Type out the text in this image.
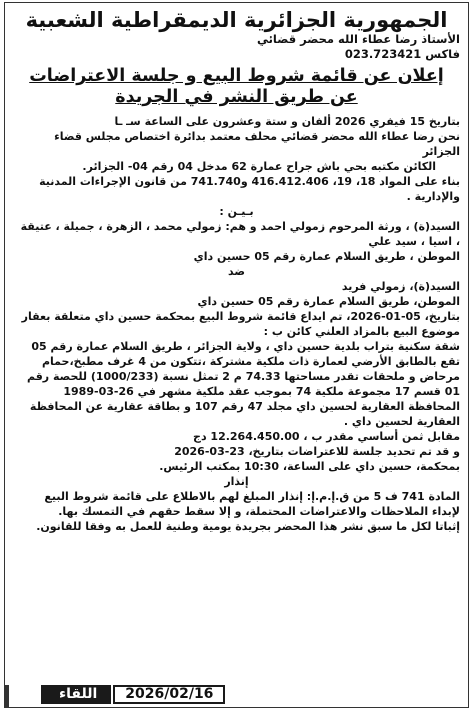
الجمهورية الجزائرية الديمقراطية الشعبية
الأستاذ رضا عطاء الله محضر قضائي
فاكس 023.723421
إعلان عن قائمة شروط البيع و جلسة الاعتراضات
عن طريق النشر في الجريدة

بتاريخ 15 فيفري 2026 ألفان و ستة وعشرون على الساعة سـ ـا

نحن رضا عطاء الله محضر قضائي محلف معتمد بدائرة اختصاص مجلس قضاء الجزائر

الكائن مكتبه بحي باش جراح عمارة 62 مدخل 04 رقم 04- الجزائر.

بناء على المواد 18، 19، 416.412.406 و741.740 من قانون الإجراءات المدنية والإدارية .

بـيـن :

السيد(ة) ، ورثة المرحوم زمولي احمد و هم: زمولي محمد ، الزهرة ، جميلة ، عتيقة ، اسيا ، سيد علي

الموطن ، طريق السلام عمارة رقم 05 حسين داي

ضد

السيد(ة)، زمولي فريد

الموطن، طريق السلام عمارة رقم 05 حسين داي

بتاريخ، 05-01-2026، تم ايداع قائمة شروط البيع بمحكمة حسين داي متعلقة بعقار موضوع البيع بالمزاد العلني كائن ب :

شقة سكنية بتراب بلدية حسين داي ، ولاية الجزائر ، طريق السلام عمارة رقم 05 تقع بالطابق الأرضي لعمارة ذات ملكية مشتركة ،تتكون من 4 غرف مطبخ،حمام مرحاض و ملحقات تقدر مساحتها 74.33 م 2 تمثل نسبة (1000/233) للحصة رقم 01 قسم 17 مجموعة ملكية 74 بموجب عقد ملكية مشهر في 26-03-1989 المحافظة العقارية لحسين داي مجلد 47 رقم 107 و بطاقة عقارية عن المحافظة العقارية لحسين داي .

مقابل ثمن أساسي مقدر ب ، 12.264.450.00 دج

و قد تم تحديد جلسة للاعتراضات بتاريخ، 23-03-2026

بمحكمة، حسين داي على الساعة، 10:30 بمكتب الرئيس.

إنذار

المادة 741 ف 5 من ق.إ.م.إ: إنذار المبلغ لهم بالاطلاع على قائمة شروط البيع لإبداء الملاحظات والاعتراضات المحتملة، و إلا سقط حقهم في التمسك بها.

إثباتا لكل ما سبق نشر هذا المحضر بجريدة يومية وطنية للعمل به وفقا للقانون.

اللقاء	2026/02/16
